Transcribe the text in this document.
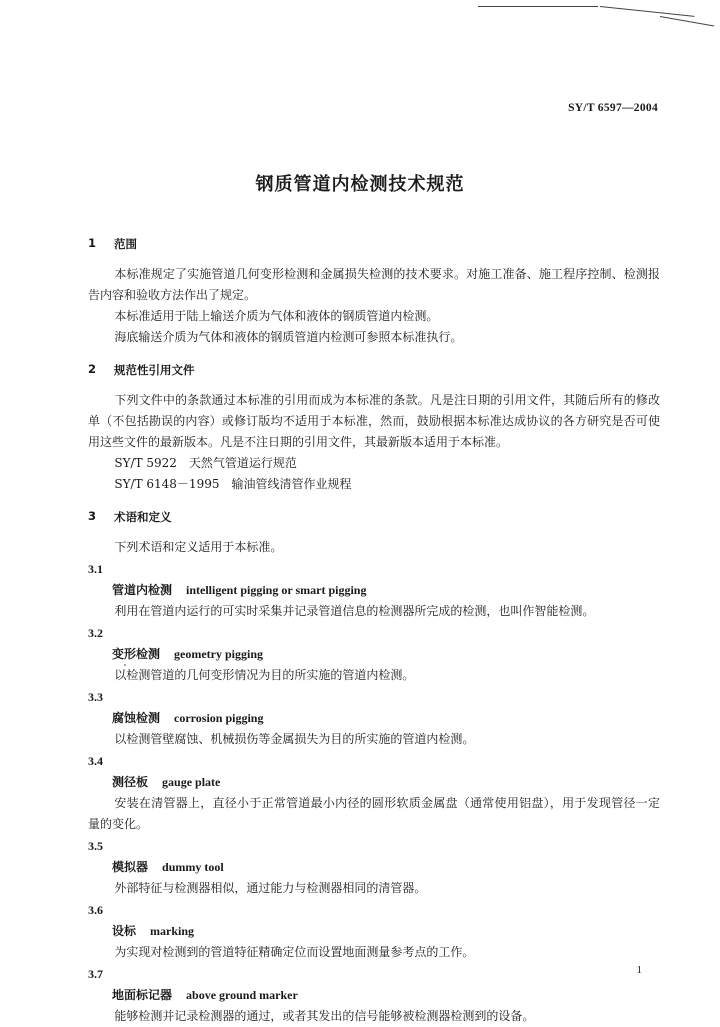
SY/T 6597—2004
钢质管道内检测技术规范
1	范围
本标准规定了实施管道几何变形检测和金属损失检测的技术要求。对施工准备、施工程序控制、检测报告内容和验收方法作出了规定。
本标准适用于陆上输送介质为气体和液体的钢质管道内检测。
海底输送介质为气体和液体的钢质管道内检测可参照本标准执行。
2	规范性引用文件
下列文件中的条款通过本标准的引用而成为本标准的条款。凡是注日期的引用文件，其随后所有的修改单（不包括勘误的内容）或修订版均不适用于本标准，然而，鼓励根据本标准达成协议的各方研究是否可使用这些文件的最新版本。凡是不注日期的引用文件，其最新版本适用于本标准。
SY/T 5922　天然气管道运行规范
SY/T 6148－1995　输油管线清管作业规程
3	术语和定义
下列术语和定义适用于本标准。
3.1
管道内检测 intelligent pigging or smart pigging
利用在管道内运行的可实时采集并记录管道信息的检测器所完成的检测，也叫作智能检测。
3.2
变形检测 geometry pigging
以检测管道的几何变形情况为目的所实施的管道内检测。
3.3
腐蚀检测 corrosion pigging
以检测管壁腐蚀、机械损伤等金属损失为目的所实施的管道内检测。
3.4
测径板 gauge plate
安装在清管器上，直径小于正常管道最小内径的圆形软质金属盘（通常使用铝盘），用于发现管径一定量的变化。
3.5
模拟器 dummy tool
外部特征与检测器相似，通过能力与检测器相同的清管器。
3.6
设标 marking
为实现对检测到的管道特征精确定位而设置地面测量参考点的工作。
3.7
地面标记器 above ground marker
能够检测并记录检测器的通过，或者其发出的信号能够被检测器检测到的设备。
1
